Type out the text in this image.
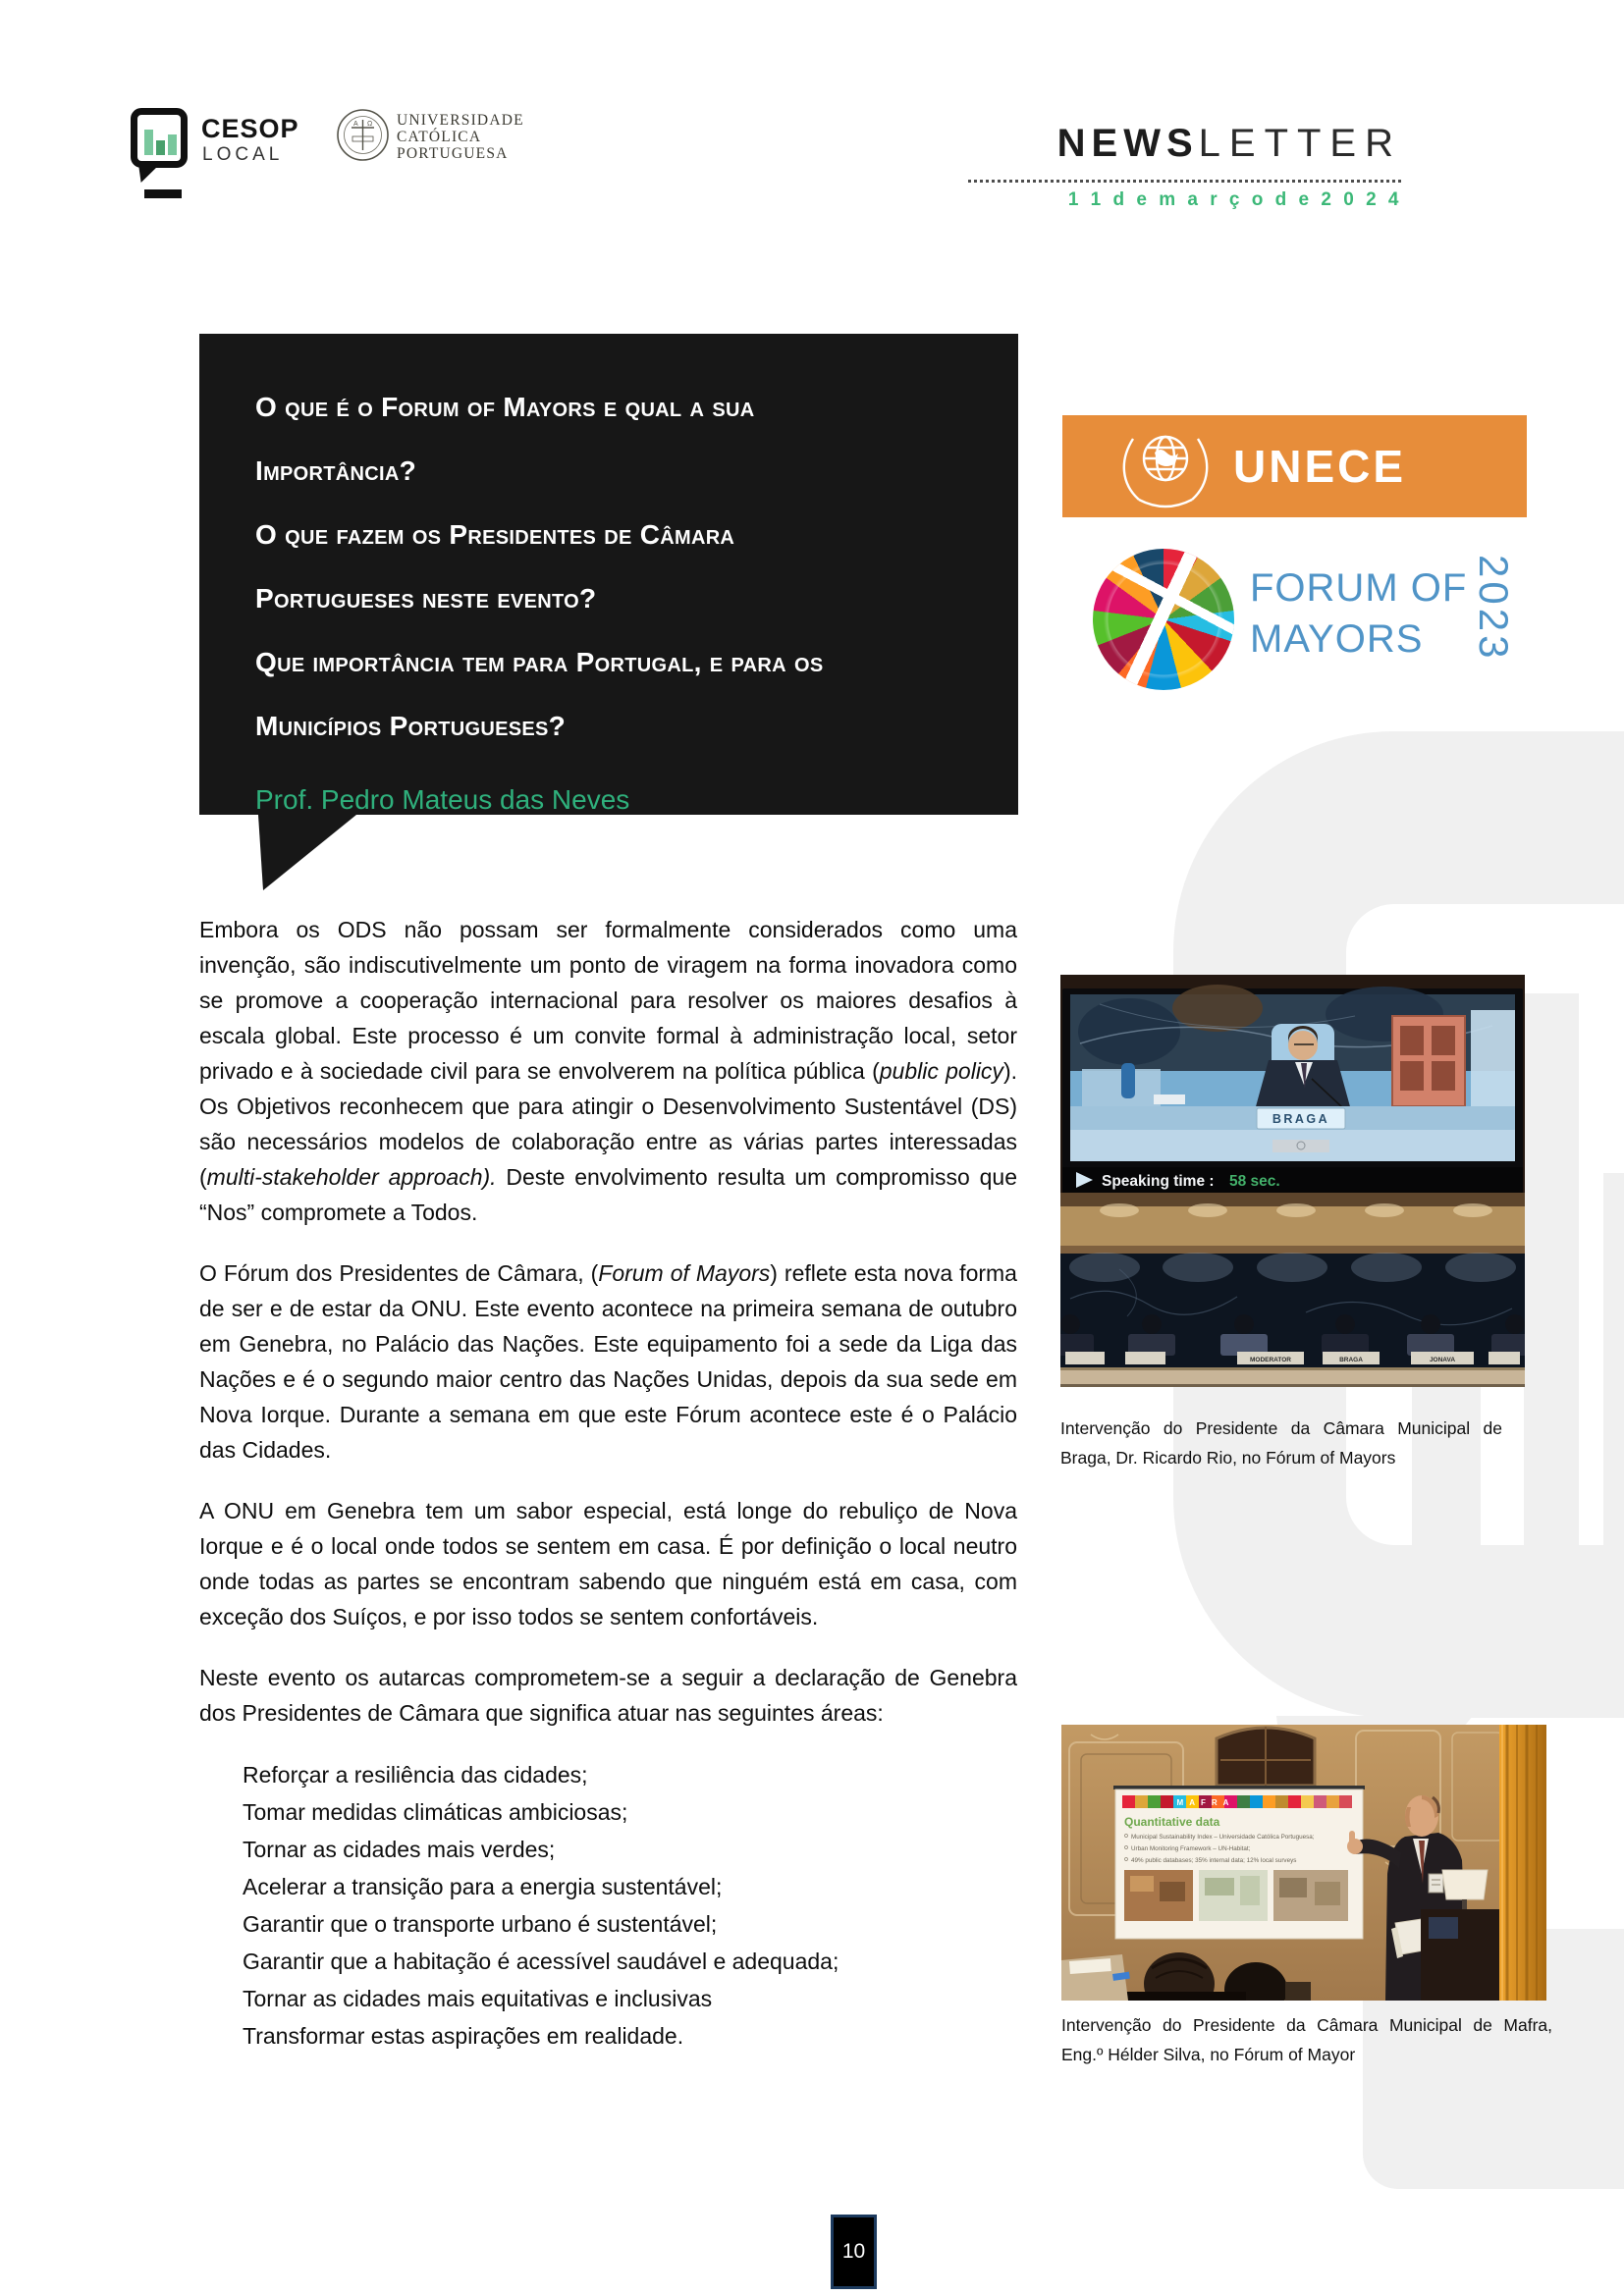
CESOP
LOCAL
A Ω UNIVERSIDADE
CATÓLICA
PORTUGUESA	NEWSLETTER
1 1 d e m a r ç o d e 2 0 2 4
O que é o Forum of Mayors e qual a sua
Importância?
O que fazem os Presidentes de Câmara
Portugueses neste evento?
Que importância tem para Portugal, e para os
Municípios Portugueses?
Prof. Pedro Mateus das Neves
UNECE
FORUM OF
MAYORS 2023

Embora os ODS não possam ser formalmente considerados como uma invenção, são indiscutivelmente um ponto de viragem na forma inovadora como se promove a cooperação internacional para resolver os maiores desafios à escala global. Este processo é um convite formal à administração local, setor privado e à sociedade civil para se envolverem na política pública (public policy). Os Objetivos reconhecem que para atingir o Desenvolvimento Sustentável (DS) são necessários modelos de colaboração entre as várias partes interessadas (multi-stakeholder approach). Deste envolvimento resulta um compromisso que “Nos” compromete a Todos.

O Fórum dos Presidentes de Câmara, (Forum of Mayors) reflete esta nova forma de ser e de estar da ONU. Este evento acontece na primeira semana de outubro em Genebra, no Palácio das Nações. Este equipamento foi a sede da Liga das Nações e é o segundo maior centro das Nações Unidas, depois da sua sede em Nova Iorque. Durante a semana em que este Fórum acontece este é o Palácio das Cidades.

A ONU em Genebra tem um sabor especial, está longe do rebuliço de Nova Iorque e é o local onde todos se sentem em casa. É por definição o local neutro onde todas as partes se encontram sabendo que ninguém está em casa, com exceção dos Suíços, e por isso todos se sentem confortáveis.

Neste evento os autarcas comprometem-se a seguir a declaração de Genebra dos Presidentes de Câmara que significa atuar nas seguintes áreas:

Reforçar a resiliência das cidades;
Tomar medidas climáticas ambiciosas;
Tornar as cidades mais verdes;
Acelerar a transição para a energia sustentável;
Garantir que o transporte urbano é sustentável;
Garantir que a habitação é acessível saudável e adequada;
Tornar as cidades mais equitativas e inclusivas
Transformar estas aspirações em realidade.
BRAGA
Speaking time : 58 sec.
MODERATOR	BRAGA	JONAVA
Intervenção do Presidente da Câmara Municipal de Braga, Dr. Ricardo Rio, no Fórum of Mayors
MAFRA
Quantitative data
Municipal Sustainability Index – Universidade Católica Portuguesa;
Urban Monitoring Framework – UN-Habitat;
49% public databases; 35% internal data; 12% local surveys
Intervenção do Presidente da Câmara Municipal de Mafra, Eng.º Hélder Silva, no Fórum of Mayor
10
